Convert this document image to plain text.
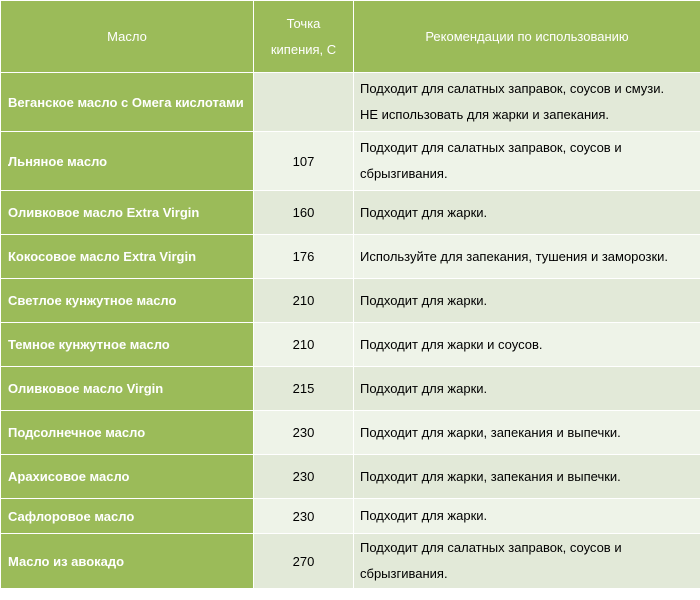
Масло	Точка
кипения, С	Рекомендации по использованию
Веганское масло с Омега кислотами		Подходит для салатных заправок, соусов и смузи.
НЕ использовать для жарки и запекания.

Льняное масло	107	Подходит для салатных заправок, соусов и
сбрызгивания.

Оливковое масло Extra Virgin	160	Подходит для жарки.
Кокосовое масло Extra Virgin	176	Используйте для запекания, тушения и заморозки.
Светлое кунжутное масло	210	Подходит для жарки.
Темное кунжутное масло	210	Подходит для жарки и соусов.
Оливковое масло Virgin	215	Подходит для жарки.
Подсолнечное масло	230	Подходит для жарки, запекания и выпечки.
Арахисовое масло	230	Подходит для жарки, запекания и выпечки.
Сафлоровое масло	230	Подходит для жарки.
Масло из авокадо	270	Подходит для салатных заправок, соусов и
сбрызгивания.
